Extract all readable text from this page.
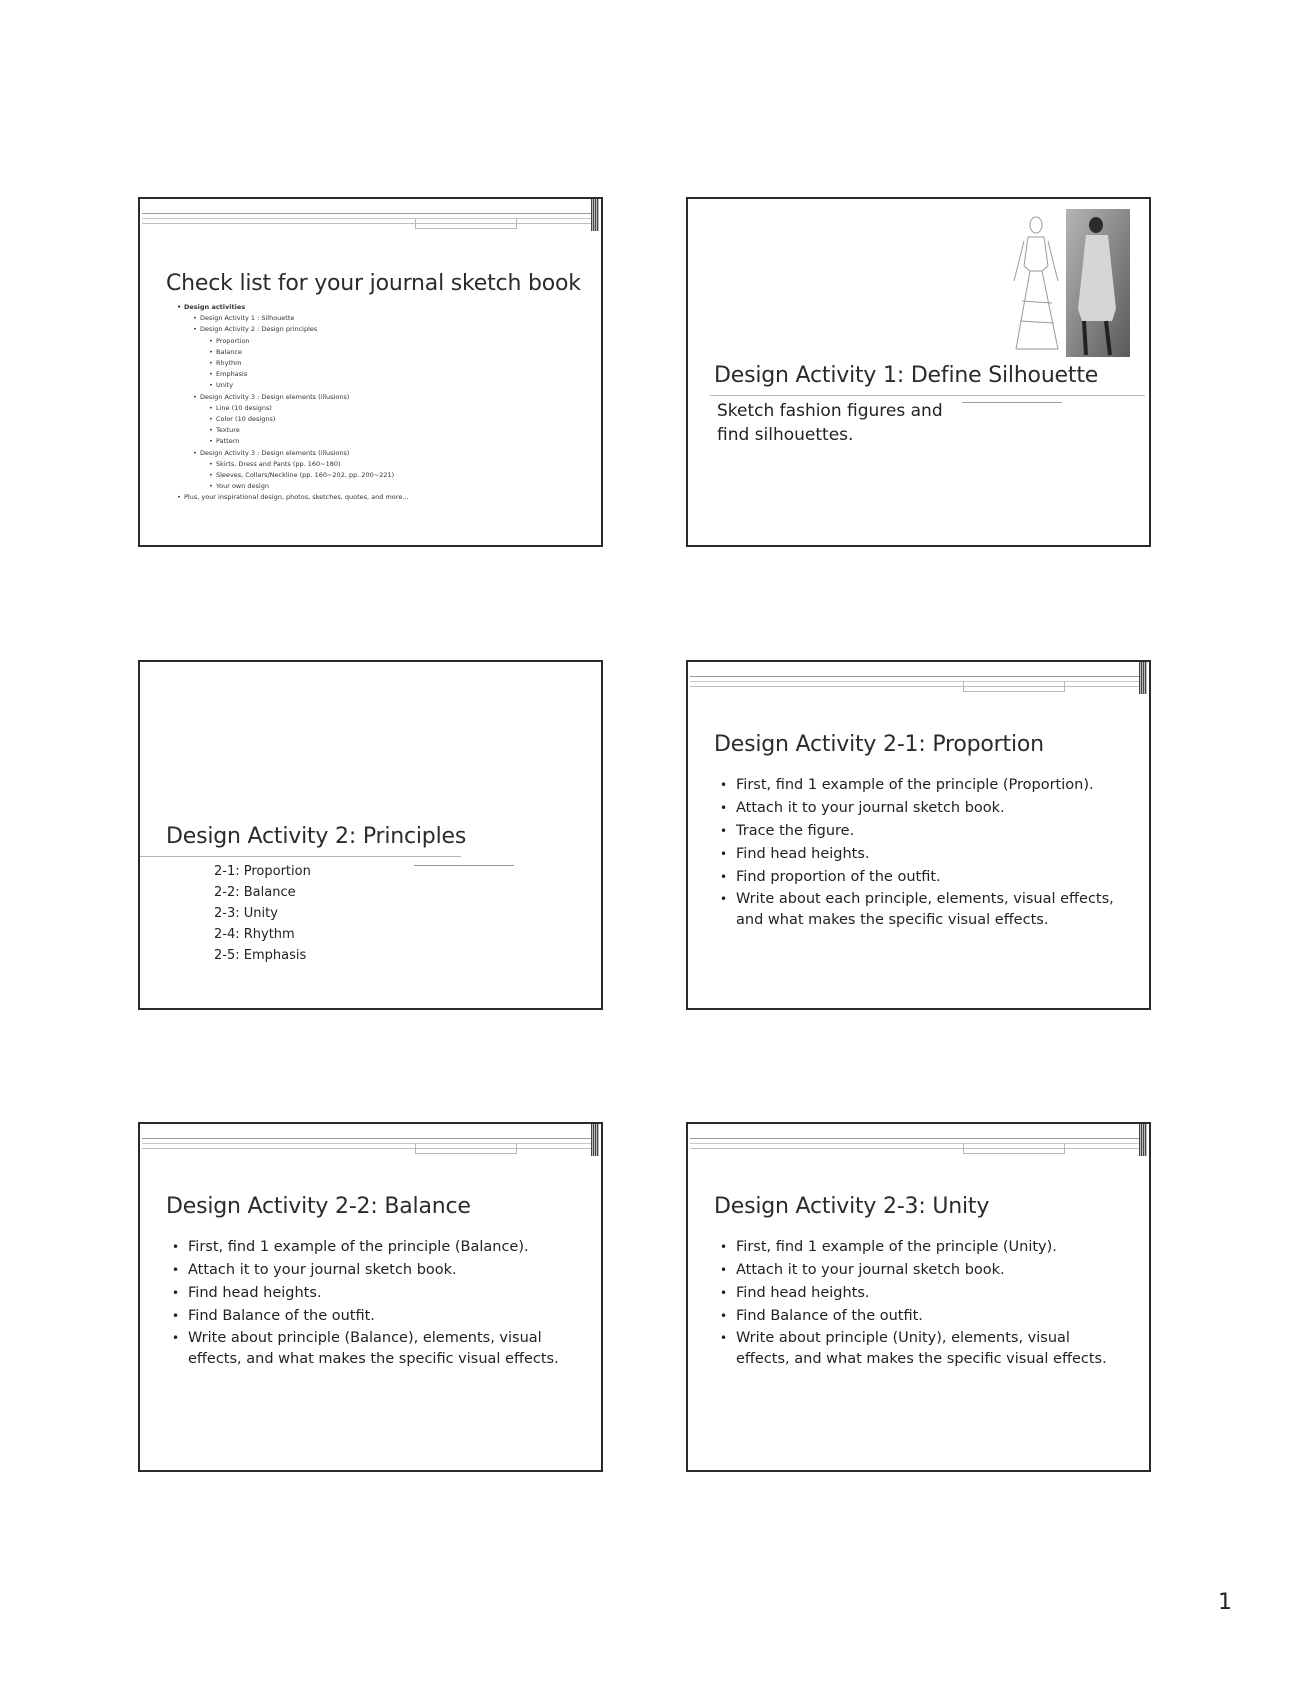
Check list for your journal sketch book
• Design activities
• Design Activity 1 : Silhouette
• Design Activity 2 : Design principles
• Proportion
• Balance
• Rhythm
• Emphasis
• Unity
• Design Activity 3 : Design elements (illusions)
• Line (10 designs)
• Color (10 designs)
• Texture
• Pattern
• Design Activity 3 : Design elements (illusions)
• Skirts, Dress and Pants (pp. 160~180)
• Sleeves, Collars/Neckline (pp. 160~202, pp. 200~221)
• Your own design
• Plus, your inspirational design, photos, sketches, quotes, and more…
Design Activity 1: Define Silhouette
Sketch fashion figures and
find silhouettes.
Design Activity 2: Principles
2-1: Proportion
2-2: Balance
2-3: Unity
2-4: Rhythm
2-5: Emphasis
Design Activity 2-1: Proportion
• First, find 1 example of the principle (Proportion).
• Attach it to your journal sketch book.
• Trace the figure.
• Find head heights.
• Find proportion of the outfit.
• Write about each principle, elements, visual effects, and what makes the specific visual effects.
Design Activity 2-2: Balance
• First, find 1 example of the principle (Balance).
• Attach it to your journal sketch book.
• Find head heights.
• Find Balance of the outfit.
• Write about principle (Balance), elements, visual effects, and what makes the specific visual effects.
Design Activity 2-3: Unity
• First, find 1 example of the principle (Unity).
• Attach it to your journal sketch book.
• Find head heights.
• Find Balance of the outfit.
• Write about principle (Unity), elements, visual effects, and what makes the specific visual effects.
1
